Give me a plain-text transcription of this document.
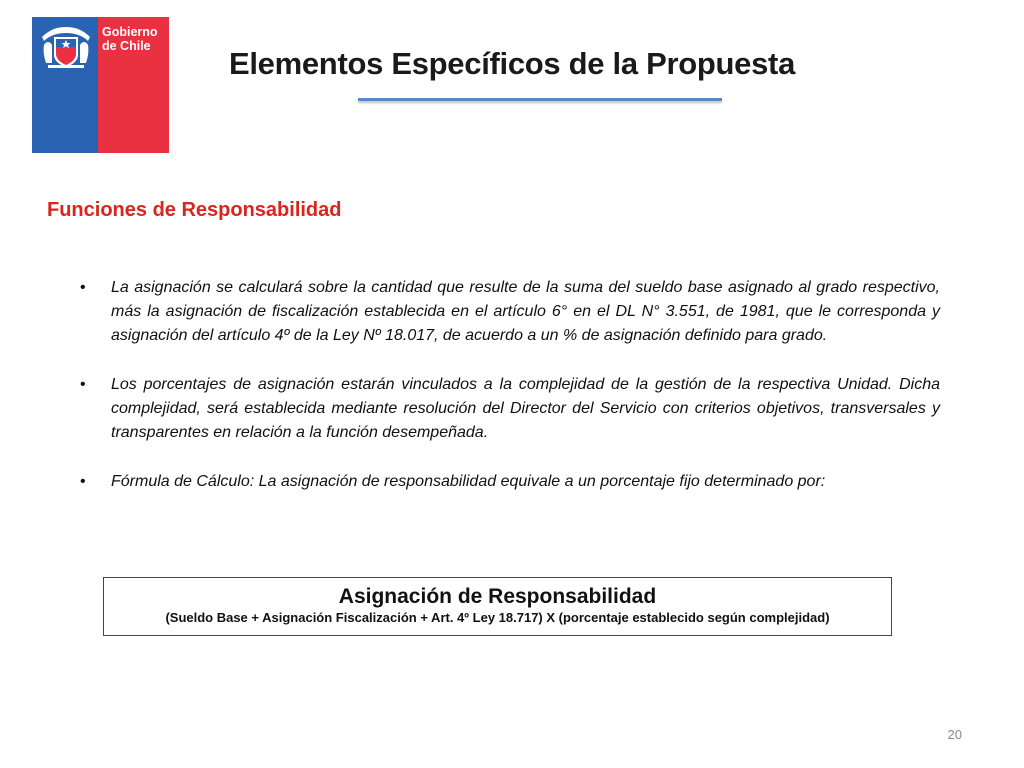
Gobierno
de Chile	Elementos Específicos de la Propuesta
Funciones de Responsabilidad
• La asignación se calculará sobre la cantidad que resulte de la suma del sueldo base asignado al grado respectivo, más la asignación de fiscalización establecida en el artículo 6° en el DL N° 3.551, de 1981, que le corresponda y asignación del artículo 4º de la Ley Nº 18.017, de acuerdo a un % de asignación definido para grado.
• Los porcentajes de asignación estarán vinculados a la complejidad de la gestión de la respectiva Unidad. Dicha complejidad, será establecida mediante resolución del Director del Servicio con criterios objetivos, transversales y transparentes en relación a la función desempeñada.
• Fórmula de Cálculo: La asignación de responsabilidad equivale a un porcentaje fijo determinado por:
Asignación de Responsabilidad
(Sueldo Base + Asignación Fiscalización + Art. 4º Ley 18.717) X (porcentaje establecido según complejidad)
20
